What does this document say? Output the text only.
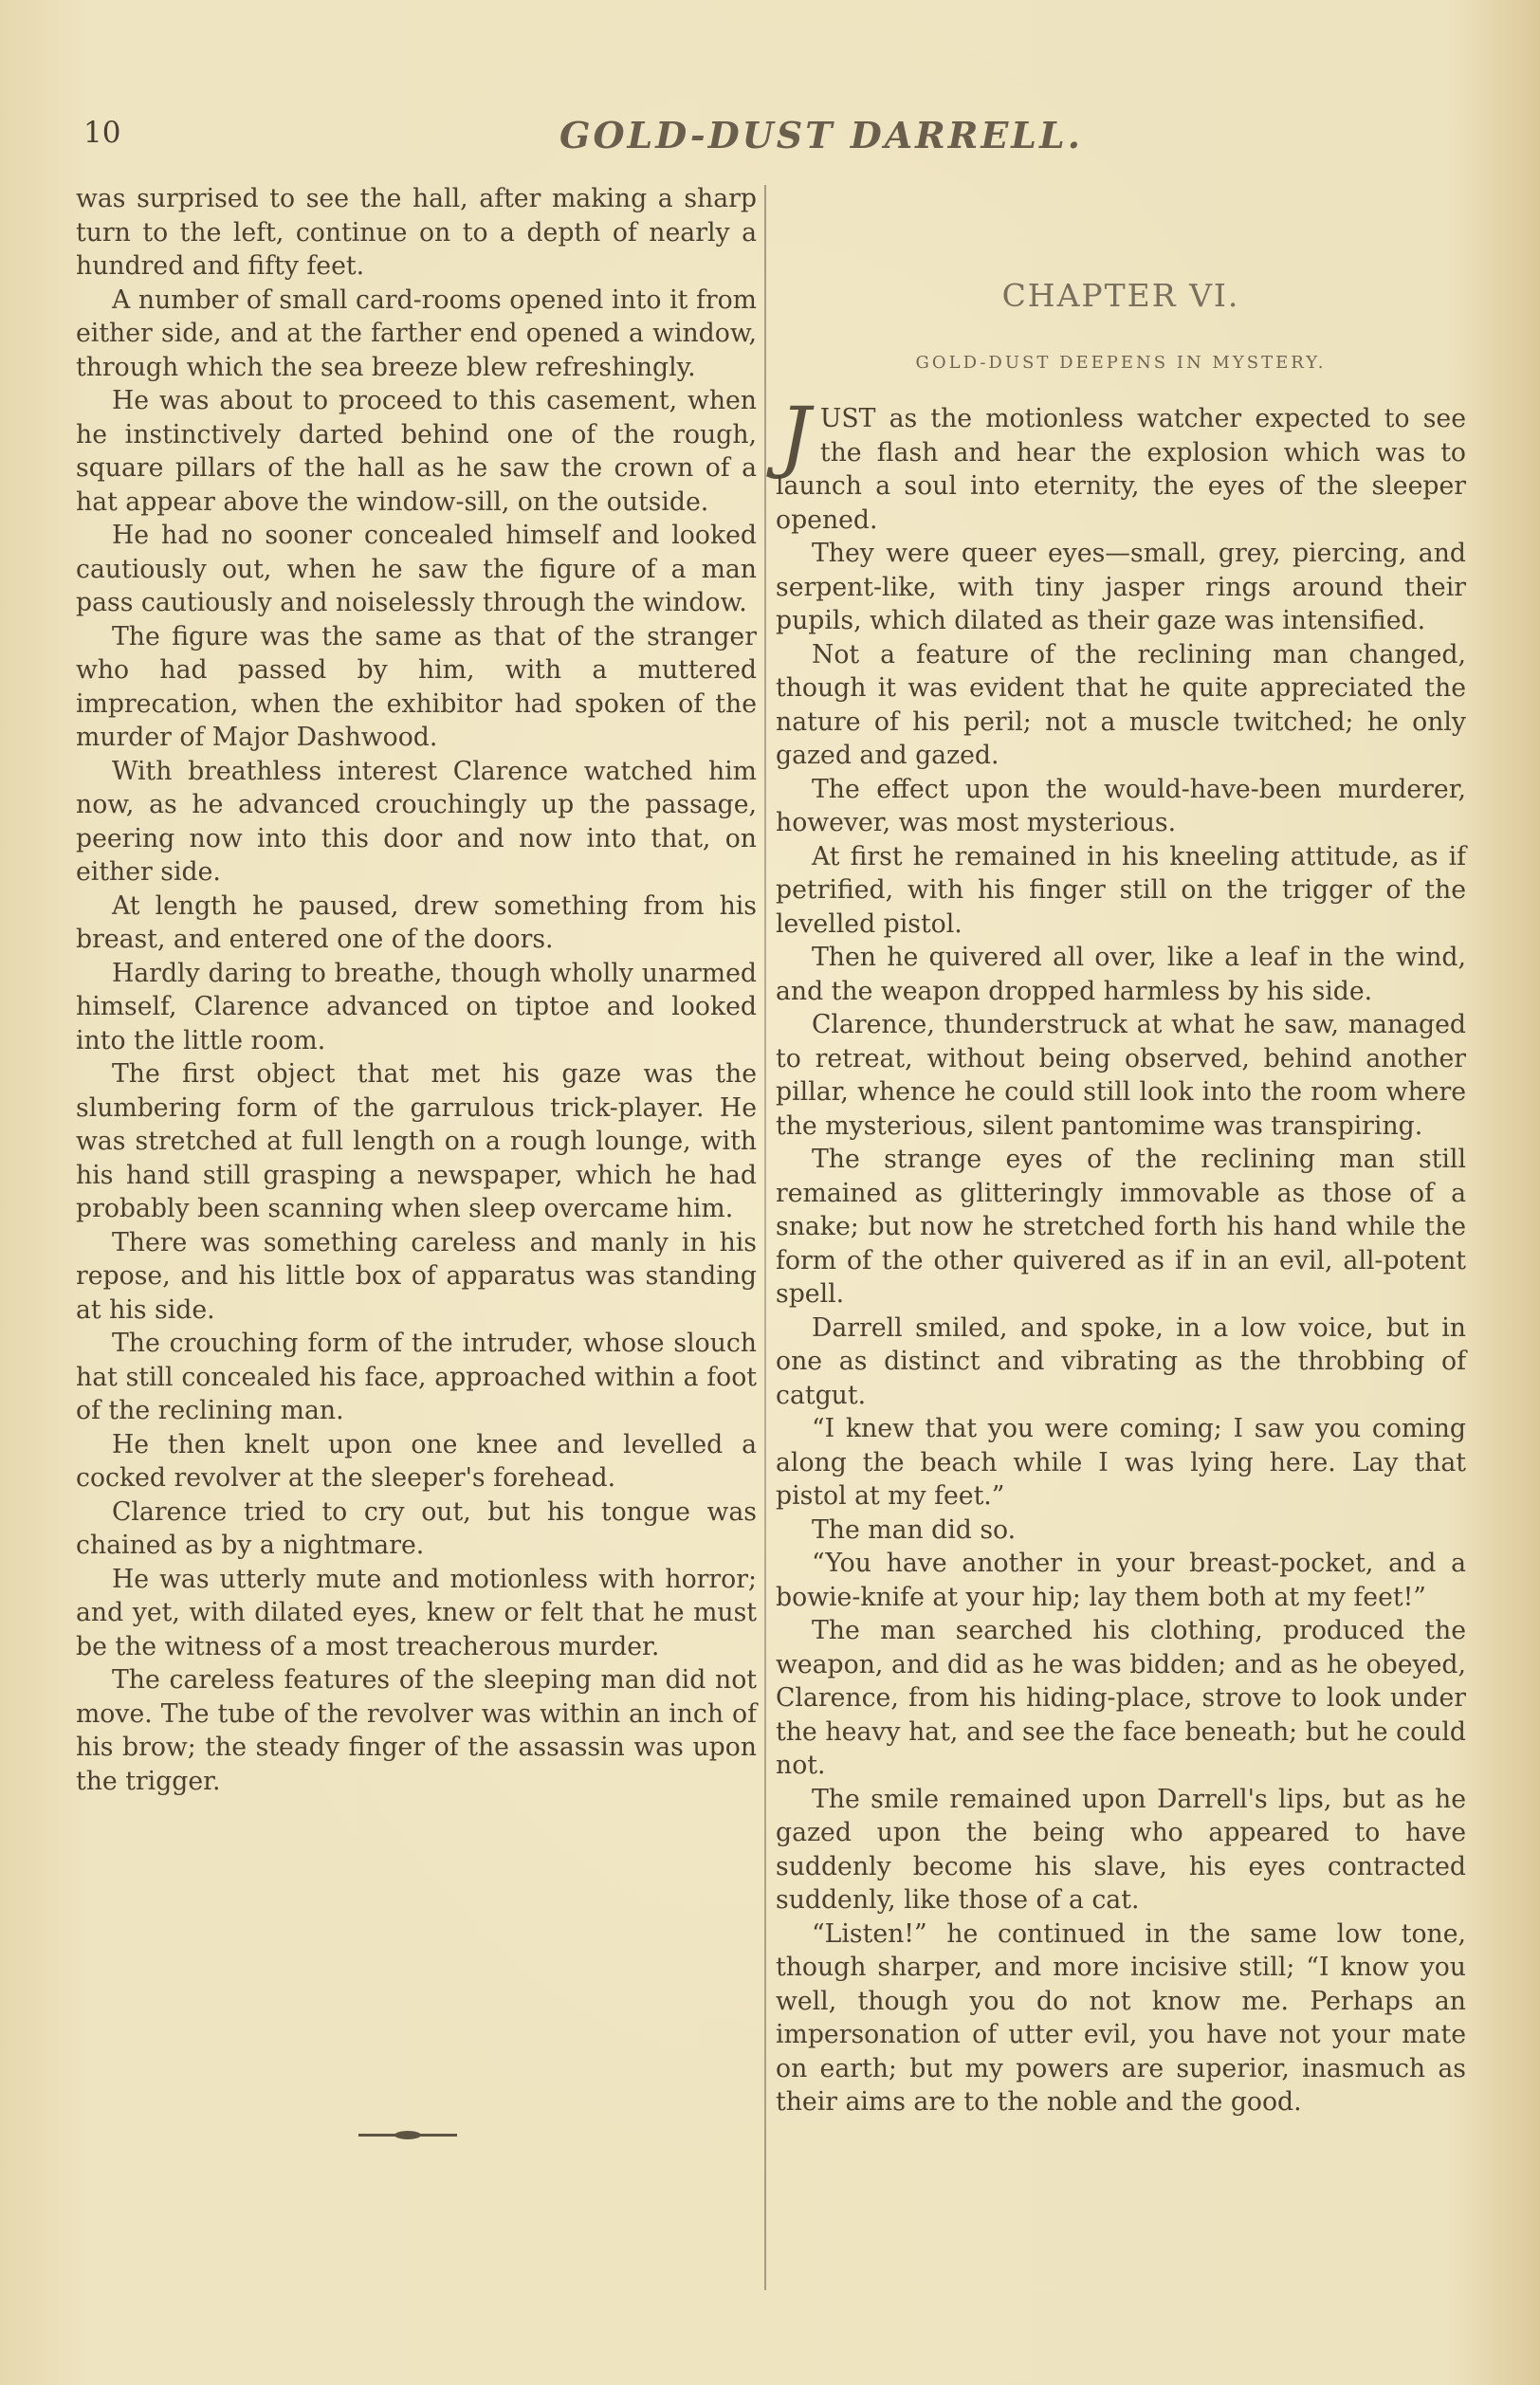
10	GOLD-DUST DARRELL.

was surprised to see the hall, after making a sharp turn to the left, continue on to a depth of nearly a hundred and fifty feet.

A number of small card-rooms opened into it from either side, and at the farther end opened a window, through which the sea breeze blew refreshingly.

He was about to proceed to this casement, when he instinctively darted behind one of the rough, square pillars of the hall as he saw the crown of a hat appear above the window-sill, on the outside.

He had no sooner concealed himself and looked cautiously out, when he saw the figure of a man pass cautiously and noiselessly through the window.

The figure was the same as that of the stranger who had passed by him, with a muttered imprecation, when the exhibitor had spoken of the murder of Major Dashwood.

With breathless interest Clarence watched him now, as he advanced crouchingly up the passage, peering now into this door and now into that, on either side.

At length he paused, drew something from his breast, and entered one of the doors.

Hardly daring to breathe, though wholly unarmed himself, Clarence advanced on tiptoe and looked into the little room.

The first object that met his gaze was the slumbering form of the garrulous trick-player. He was stretched at full length on a rough lounge, with his hand still grasping a newspaper, which he had probably been scanning when sleep overcame him.

There was something careless and manly in his repose, and his little box of apparatus was standing at his side.

The crouching form of the intruder, whose slouch hat still concealed his face, approached within a foot of the reclining man.

He then knelt upon one knee and levelled a cocked revolver at the sleeper's forehead.

Clarence tried to cry out, but his tongue was chained as by a nightmare.

He was utterly mute and motionless with horror; and yet, with dilated eyes, knew or felt that he must be the witness of a most treacherous murder.

The careless features of the sleeping man did not move. The tube of the revolver was within an inch of his brow; the steady finger of the assassin was upon the trigger.

CHAPTER VI.
GOLD-DUST DEEPENS IN MYSTERY.

JUST as the motionless watcher expected to see the flash and hear the explosion which was to launch a soul into eternity, the eyes of the sleeper opened.

They were queer eyes—small, grey, piercing, and serpent-like, with tiny jasper rings around their pupils, which dilated as their gaze was intensified.

Not a feature of the reclining man changed, though it was evident that he quite appreciated the nature of his peril; not a muscle twitched; he only gazed and gazed.

The effect upon the would-have-been murderer, however, was most mysterious.

At first he remained in his kneeling attitude, as if petrified, with his finger still on the trigger of the levelled pistol.

Then he quivered all over, like a leaf in the wind, and the weapon dropped harmless by his side.

Clarence, thunderstruck at what he saw, managed to retreat, without being observed, behind another pillar, whence he could still look into the room where the mysterious, silent pantomime was transpiring.

The strange eyes of the reclining man still remained as glitteringly immovable as those of a snake; but now he stretched forth his hand while the form of the other quivered as if in an evil, all-potent spell.

Darrell smiled, and spoke, in a low voice, but in one as distinct and vibrating as the throbbing of catgut.

“I knew that you were coming; I saw you coming along the beach while I was lying here. Lay that pistol at my feet.”

The man did so.

“You have another in your breast-pocket, and a bowie-knife at your hip; lay them both at my feet!”

The man searched his clothing, produced the weapon, and did as he was bidden; and as he obeyed, Clarence, from his hiding-place, strove to look under the heavy hat, and see the face beneath; but he could not.

The smile remained upon Darrell's lips, but as he gazed upon the being who appeared to have suddenly become his slave, his eyes contracted suddenly, like those of a cat.

“Listen!” he continued in the same low tone, though sharper, and more incisive still; “I know you well, though you do not know me. Perhaps an impersonation of utter evil, you have not your mate on earth; but my powers are superior, inasmuch as their aims are to the noble and the good.
